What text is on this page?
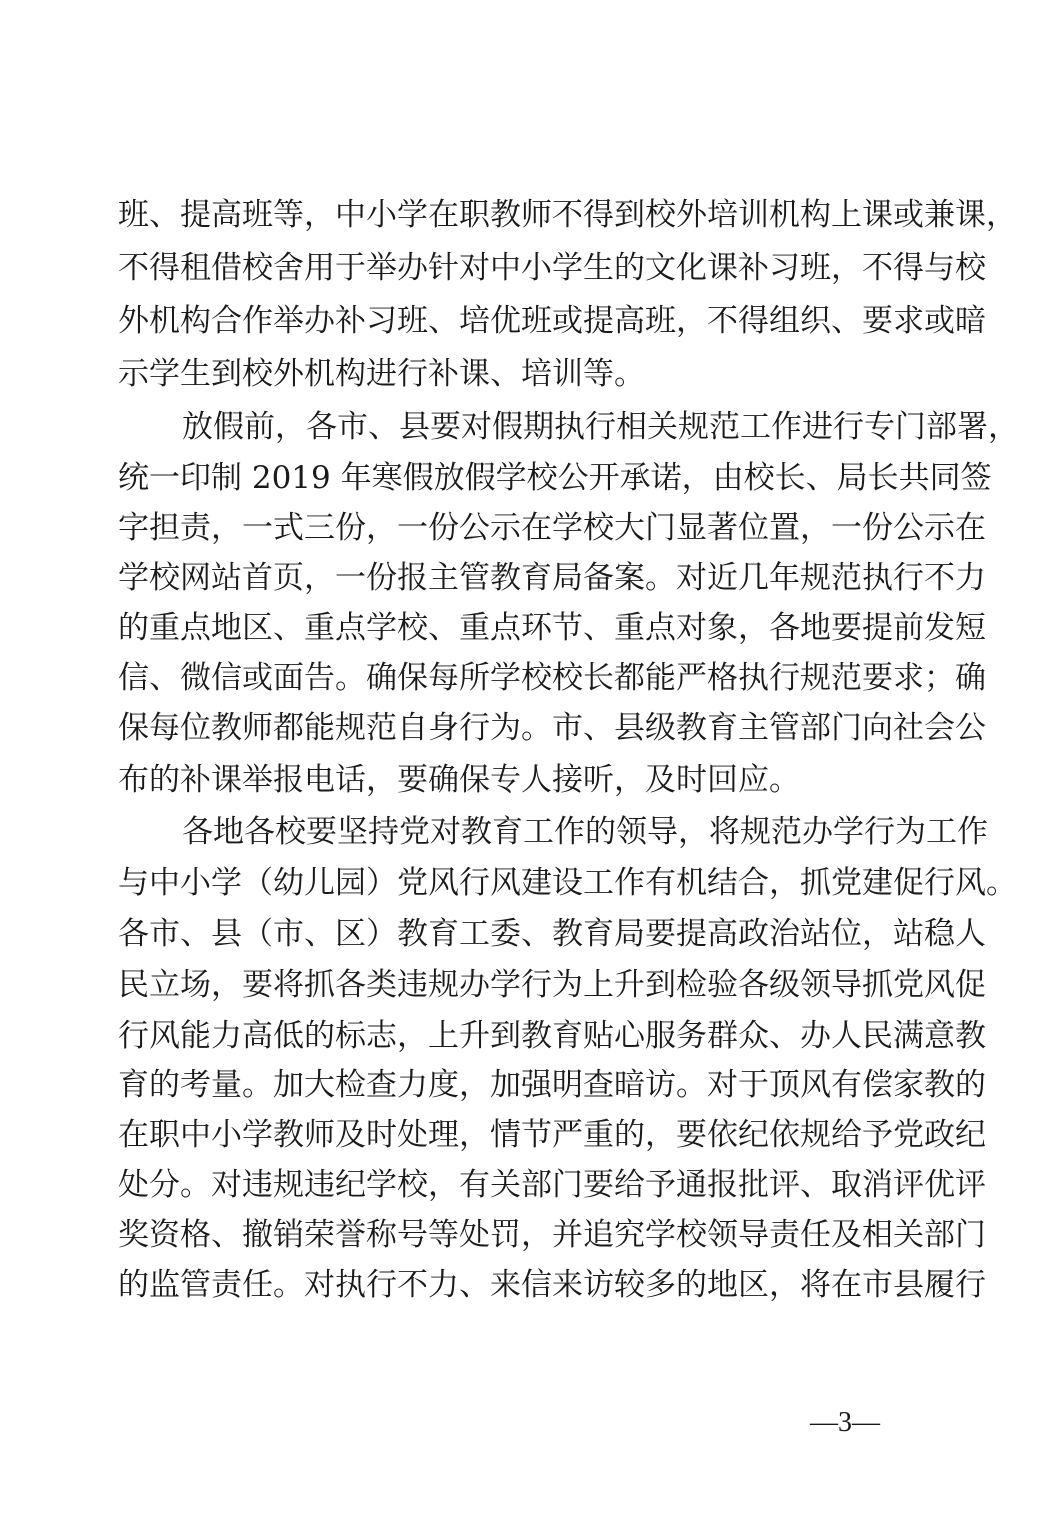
班、提高班等，中小学在职教师不得到校外培训机构上课或兼课，
不得租借校舍用于举办针对中小学生的文化课补习班，不得与校
外机构合作举办补习班、培优班或提高班，不得组织、要求或暗
示学生到校外机构进行补课、培训等。
放假前，各市、县要对假期执行相关规范工作进行专门部署，
统一印制 2019 年寒假放假学校公开承诺，由校长、局长共同签
字担责，一式三份，一份公示在学校大门显著位置，一份公示在
学校网站首页，一份报主管教育局备案。对近几年规范执行不力
的重点地区、重点学校、重点环节、重点对象，各地要提前发短
信、微信或面告。确保每所学校校长都能严格执行规范要求；确
保每位教师都能规范自身行为。市、县级教育主管部门向社会公
布的补课举报电话，要确保专人接听，及时回应。
各地各校要坚持党对教育工作的领导，将规范办学行为工作
与中小学（幼儿园）党风行风建设工作有机结合，抓党建促行风。
各市、县（市、区）教育工委、教育局要提高政治站位，站稳人
民立场，要将抓各类违规办学行为上升到检验各级领导抓党风促
行风能力高低的标志，上升到教育贴心服务群众、办人民满意教
育的考量。加大检查力度，加强明查暗访。对于顶风有偿家教的
在职中小学教师及时处理，情节严重的，要依纪依规给予党政纪
处分。对违规违纪学校，有关部门要给予通报批评、取消评优评
奖资格、撤销荣誉称号等处罚，并追究学校领导责任及相关部门
的监管责任。对执行不力、来信来访较多的地区，将在市县履行
—3—
